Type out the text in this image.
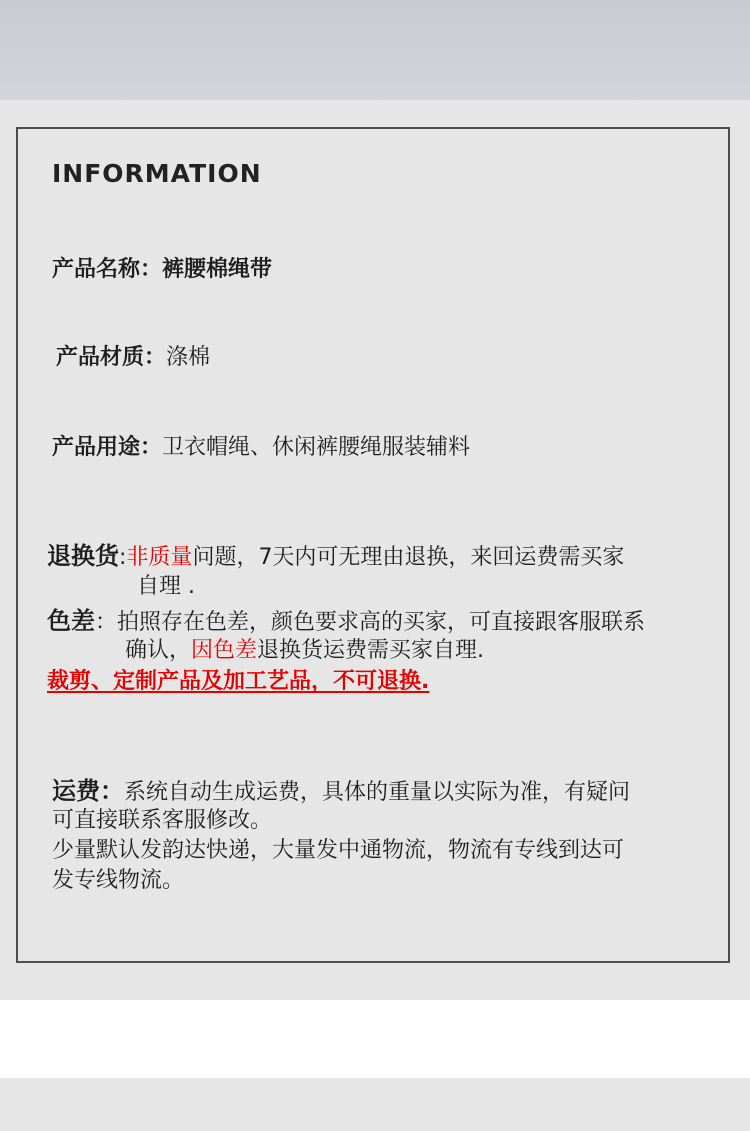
INFORMATION
产品名称：裤腰棉绳带
产品材质：涤棉
产品用途：卫衣帽绳、休闲裤腰绳服装辅料
退换货:非质量问题，7天内可无理由退换，来回运费需买家
自理 .
色差：拍照存在色差，颜色要求高的买家，可直接跟客服联系
确认，因色差退换货运费需买家自理.
裁剪、定制产品及加工艺品，不可退换.
运费：系统自动生成运费，具体的重量以实际为准，有疑问
可直接联系客服修改。
少量默认发韵达快递，大量发中通物流，物流有专线到达可
发专线物流。
